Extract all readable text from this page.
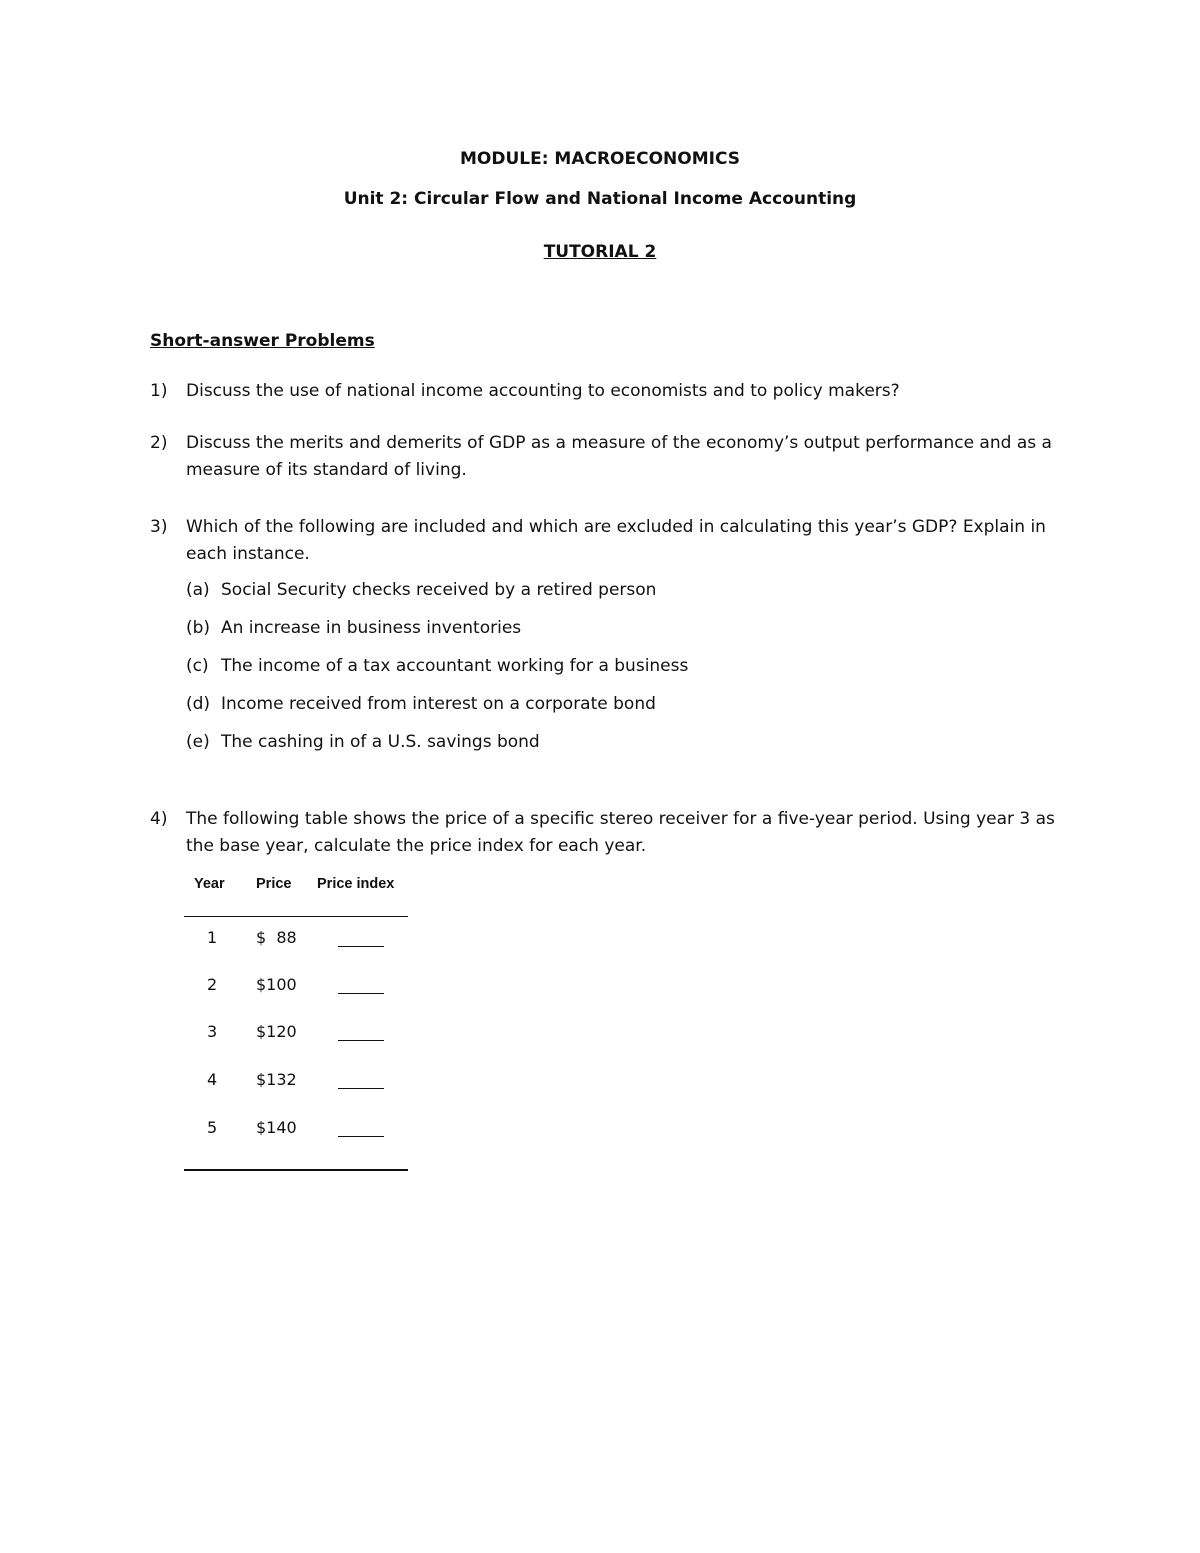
MODULE: MACROECONOMICS
Unit 2: Circular Flow and National Income Accounting
TUTORIAL 2
Short-answer Problems
1) Discuss the use of national income accounting to economists and to policy makers?
2) Discuss the merits and demerits of GDP as a measure of the economy’s output performance and as a measure of its standard of living.
3) Which of the following are included and which are excluded in calculating this year’s GDP? Explain in each instance.
(a) Social Security checks received by a retired person
(b) An increase in business inventories
(c) The income of a tax accountant working for a business
(d) Income received from interest on a corporate bond
(e) The cashing in of a U.S. savings bond
4) The following table shows the price of a specific stereo receiver for a five-year period. Using year 3 as the base year, calculate the price index for each year.
Year Price Price index
1 $  88
2 $100
3 $120
4 $132
5 $140
